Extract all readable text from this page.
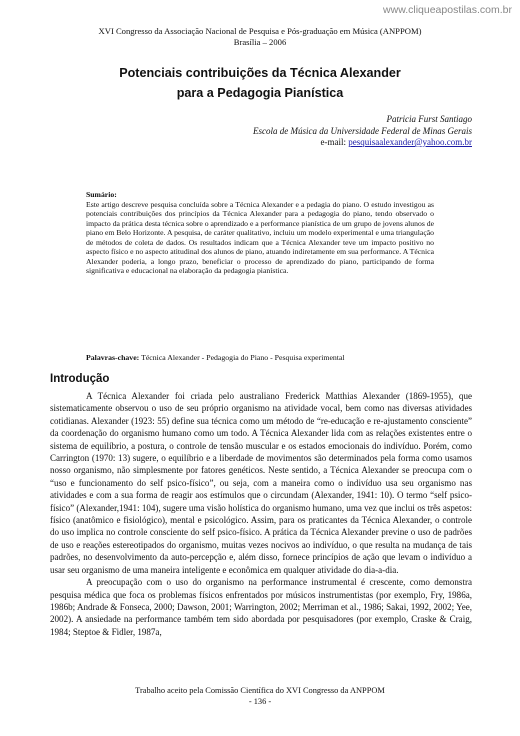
www.cliqueapostilas.com.br
XVI Congresso da Associação Nacional de Pesquisa e Pós-graduação em Música (ANPPOM)
Brasília – 2006
Potenciais contribuições da Técnica Alexander
para a Pedagogia Pianística
Patricia Furst Santiago
Escola de Música da Universidade Federal de Minas Gerais
e-mail: pesquisaalexander@yahoo.com.br
Sumário:
Este artigo descreve pesquisa concluída sobre a Técnica Alexander e a pedagia do piano. O estudo investigou as potenciais contribuições dos princípios da Técnica Alexander para a pedagogia do piano, tendo observado o impacto da prática desta técnica sobre o aprendizado e a performance pianística de um grupo de jovens alunos de piano em Belo Horizonte. A pesquisa, de caráter qualitativo, incluiu um modelo experimental e uma triangulação de métodos de coleta de dados. Os resultados indicam que a Técnica Alexander teve um impacto positivo no aspecto físico e no aspecto atitudinal dos alunos de piano, atuando indiretamente em sua performance. A Técnica Alexander poderia, a longo prazo, beneficiar o processo de aprendizado do piano, participando de forma significativa e educacional na elaboração da pedagogia pianística.
Palavras-chave: Técnica Alexander - Pedagogia do Piano - Pesquisa experimental
Introdução

A Técnica Alexander foi criada pelo australiano Frederick Matthias Alexander (1869-1955), que sistematicamente observou o uso de seu próprio organismo na atividade vocal, bem como nas diversas atividades cotidianas. Alexander (1923: 55) define sua técnica como um método de “re-educação e re-ajustamento consciente” da coordenação do organismo humano como um todo. A Técnica Alexander lida com as relações existentes entre o sistema de equilíbrio, a postura, o controle de tensão muscular e os estados emocionais do indivíduo. Porém, como Carrington (1970: 13) sugere, o equilíbrio e a liberdade de movimentos são determinados pela forma como usamos nosso organismo, não simplesmente por fatores genéticos. Neste sentido, a Técnica Alexander se preocupa com o “uso e funcionamento do self psico-físico”, ou seja, com a maneira como o indivíduo usa seu organismo nas atividades e com a sua forma de reagir aos estímulos que o circundam (Alexander, 1941: 10). O termo “self psico-físico” (Alexander,1941: 104), sugere uma visão holística do organismo humano, uma vez que inclui os três aspetos: físico (anatômico e fisiológico), mental e psicológico. Assim, para os praticantes da Técnica Alexander, o controle do uso implica no controle consciente do self psico-físico. A prática da Técnica Alexander previne o uso de padrões de uso e reações estereotipados do organismo, muitas vezes nocivos ao indivíduo, o que resulta na mudança de tais padrões, no desenvolvimento da auto-percepção e, além disso, fornece princípios de ação que levam o indivíduo a usar seu organismo de uma maneira inteligente e econômica em qualquer atividade do dia-a-dia.

A preocupação com o uso do organismo na performance instrumental é crescente, como demonstra pesquisa médica que foca os problemas físicos enfrentados por músicos instrumentistas (por exemplo, Fry, 1986a, 1986b; Andrade & Fonseca, 2000; Dawson, 2001; Warrington, 2002; Merriman et al., 1986; Sakai, 1992, 2002; Yee, 2002). A ansiedade na performance também tem sido abordada por pesquisadores (por exemplo, Craske & Craig, 1984; Steptoe & Fidler, 1987a,

Trabalho aceito pela Comissão Científica do XVI Congresso da ANPPOM
- 136 -
